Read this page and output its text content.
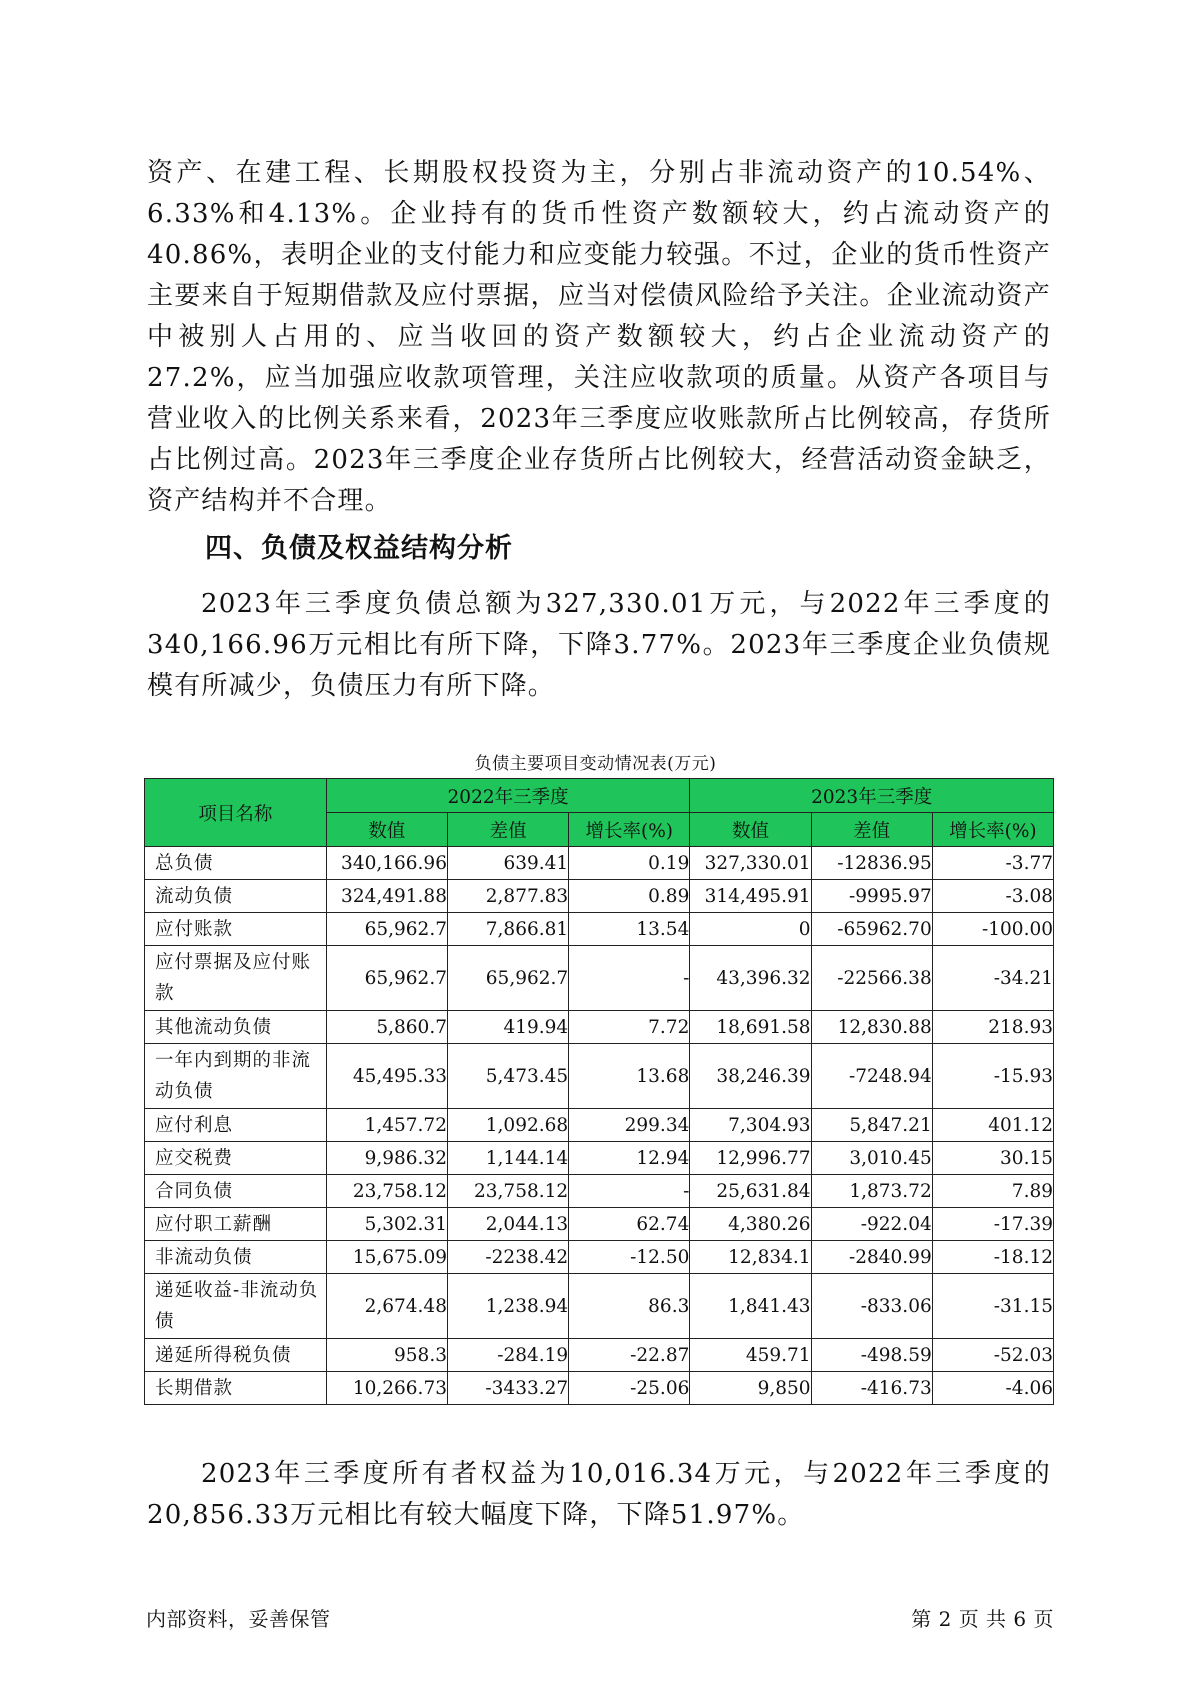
资产、在建工程、长期股权投资为主，分别占非流动资产的10.54%、6.33%和4.13%。企业持有的货币性资产数额较大，约占流动资产的40.86%，表明企业的支付能力和应变能力较强。不过，企业的货币性资产主要来自于短期借款及应付票据，应当对偿债风险给予关注。企业流动资产中被别人占用的、应当收回的资产数额较大，约占企业流动资产的27.2%，应当加强应收款项管理，关注应收款项的质量。从资产各项目与营业收入的比例关系来看，2023年三季度应收账款所占比例较高，存货所占比例过高。2023年三季度企业存货所占比例较大，经营活动资金缺乏，资产结构并不合理。

四、负债及权益结构分析

2023年三季度负债总额为327,330.01万元，与2022年三季度的340,166.96万元相比有所下降，下降3.77%。2023年三季度企业负债规模有所减少，负债压力有所下降。

负债主要项目变动情况表(万元)
项目名称	2022年三季度			2023年三季度		
	数值	差值	增长率(%)	数值	差值	增长率(%)
总负债	340,166.96	639.41	0.19	327,330.01	-12836.95	-3.77
流动负债	324,491.88	2,877.83	0.89	314,495.91	-9995.97	-3.08
应付账款	65,962.7	7,866.81	13.54	0	-65962.70	-100.00
应付票据及应付账款	65,962.7	65,962.7	-	43,396.32	-22566.38	-34.21
其他流动负债	5,860.7	419.94	7.72	18,691.58	12,830.88	218.93
一年内到期的非流动负债	45,495.33	5,473.45	13.68	38,246.39	-7248.94	-15.93
应付利息	1,457.72	1,092.68	299.34	7,304.93	5,847.21	401.12
应交税费	9,986.32	1,144.14	12.94	12,996.77	3,010.45	30.15
合同负债	23,758.12	23,758.12	-	25,631.84	1,873.72	7.89
应付职工薪酬	5,302.31	2,044.13	62.74	4,380.26	-922.04	-17.39
非流动负债	15,675.09	-2238.42	-12.50	12,834.1	-2840.99	-18.12
递延收益-非流动负债	2,674.48	1,238.94	86.3	1,841.43	-833.06	-31.15
递延所得税负债	958.3	-284.19	-22.87	459.71	-498.59	-52.03
长期借款	10,266.73	-3433.27	-25.06	9,850	-416.73	-4.06

2023年三季度所有者权益为10,016.34万元，与2022年三季度的20,856.33万元相比有较大幅度下降，下降51.97%。

内部资料，妥善保管	第 2 页 共 6 页
